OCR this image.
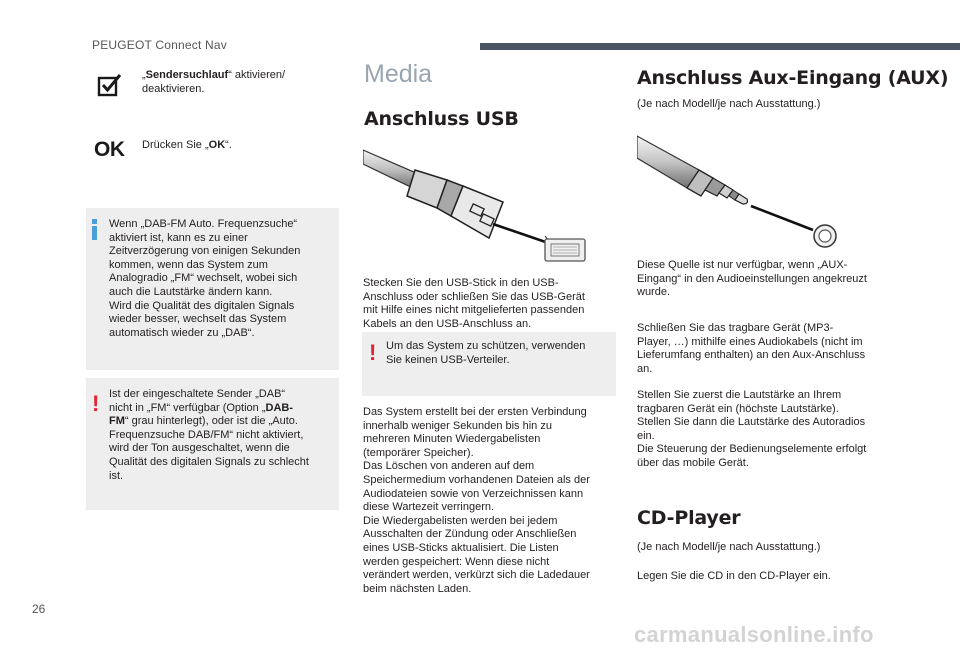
PEUGEOT Connect Nav
„Sendersuchlauf“ aktivieren/ deaktivieren.
OK Drücken Sie „OK“.
Wenn „DAB-FM Auto. Frequenzsuche“
aktiviert ist, kann es zu einer
Zeitverzögerung von einigen Sekunden
kommen, wenn das System zum
Analogradio „FM“ wechselt, wobei sich
auch die Lautstärke ändern kann.
Wird die Qualität des digitalen Signals
wieder besser, wechselt das System
automatisch wieder zu „DAB“.
! Ist der eingeschaltete Sender „DAB“
nicht in „FM“ verfügbar (Option „DAB-
FM“ grau hinterlegt), oder ist die „Auto.
Frequenzsuche DAB/FM“ nicht aktiviert,
wird der Ton ausgeschaltet, wenn die
Qualität des digitalen Signals zu schlecht
ist.
Media
Anschluss USB
Stecken Sie den USB-Stick in den USB-
Anschluss oder schließen Sie das USB-Gerät
mit Hilfe eines nicht mitgelieferten passenden
Kabels an den USB-Anschluss an.
! Um das System zu schützen, verwenden
Sie keinen USB-Verteiler.
Das System erstellt bei der ersten Verbindung
innerhalb weniger Sekunden bis hin zu
mehreren Minuten Wiedergabelisten
(temporärer Speicher).
Das Löschen von anderen auf dem
Speichermedium vorhandenen Dateien als der
Audiodateien sowie von Verzeichnissen kann
diese Wartezeit verringern.
Die Wiedergabelisten werden bei jedem
Ausschalten der Zündung oder Anschließen
eines USB-Sticks aktualisiert. Die Listen
werden gespeichert: Wenn diese nicht
verändert werden, verkürzt sich die Ladedauer
beim nächsten Laden.
Anschluss Aux-Eingang (AUX)
(Je nach Modell/je nach Ausstattung.)
Diese Quelle ist nur verfügbar, wenn „AUX-
Eingang“ in den Audioeinstellungen angekreuzt
wurde.
Schließen Sie das tragbare Gerät (MP3-
Player, …) mithilfe eines Audiokabels (nicht im
Lieferumfang enthalten) an den Aux-Anschluss
an.
Stellen Sie zuerst die Lautstärke an Ihrem
tragbaren Gerät ein (höchste Lautstärke).
Stellen Sie dann die Lautstärke des Autoradios
ein.
Die Steuerung der Bedienungselemente erfolgt
über das mobile Gerät.
CD-Player
(Je nach Modell/je nach Ausstattung.)
Legen Sie die CD in den CD-Player ein.
26
carmanualsonline.info
